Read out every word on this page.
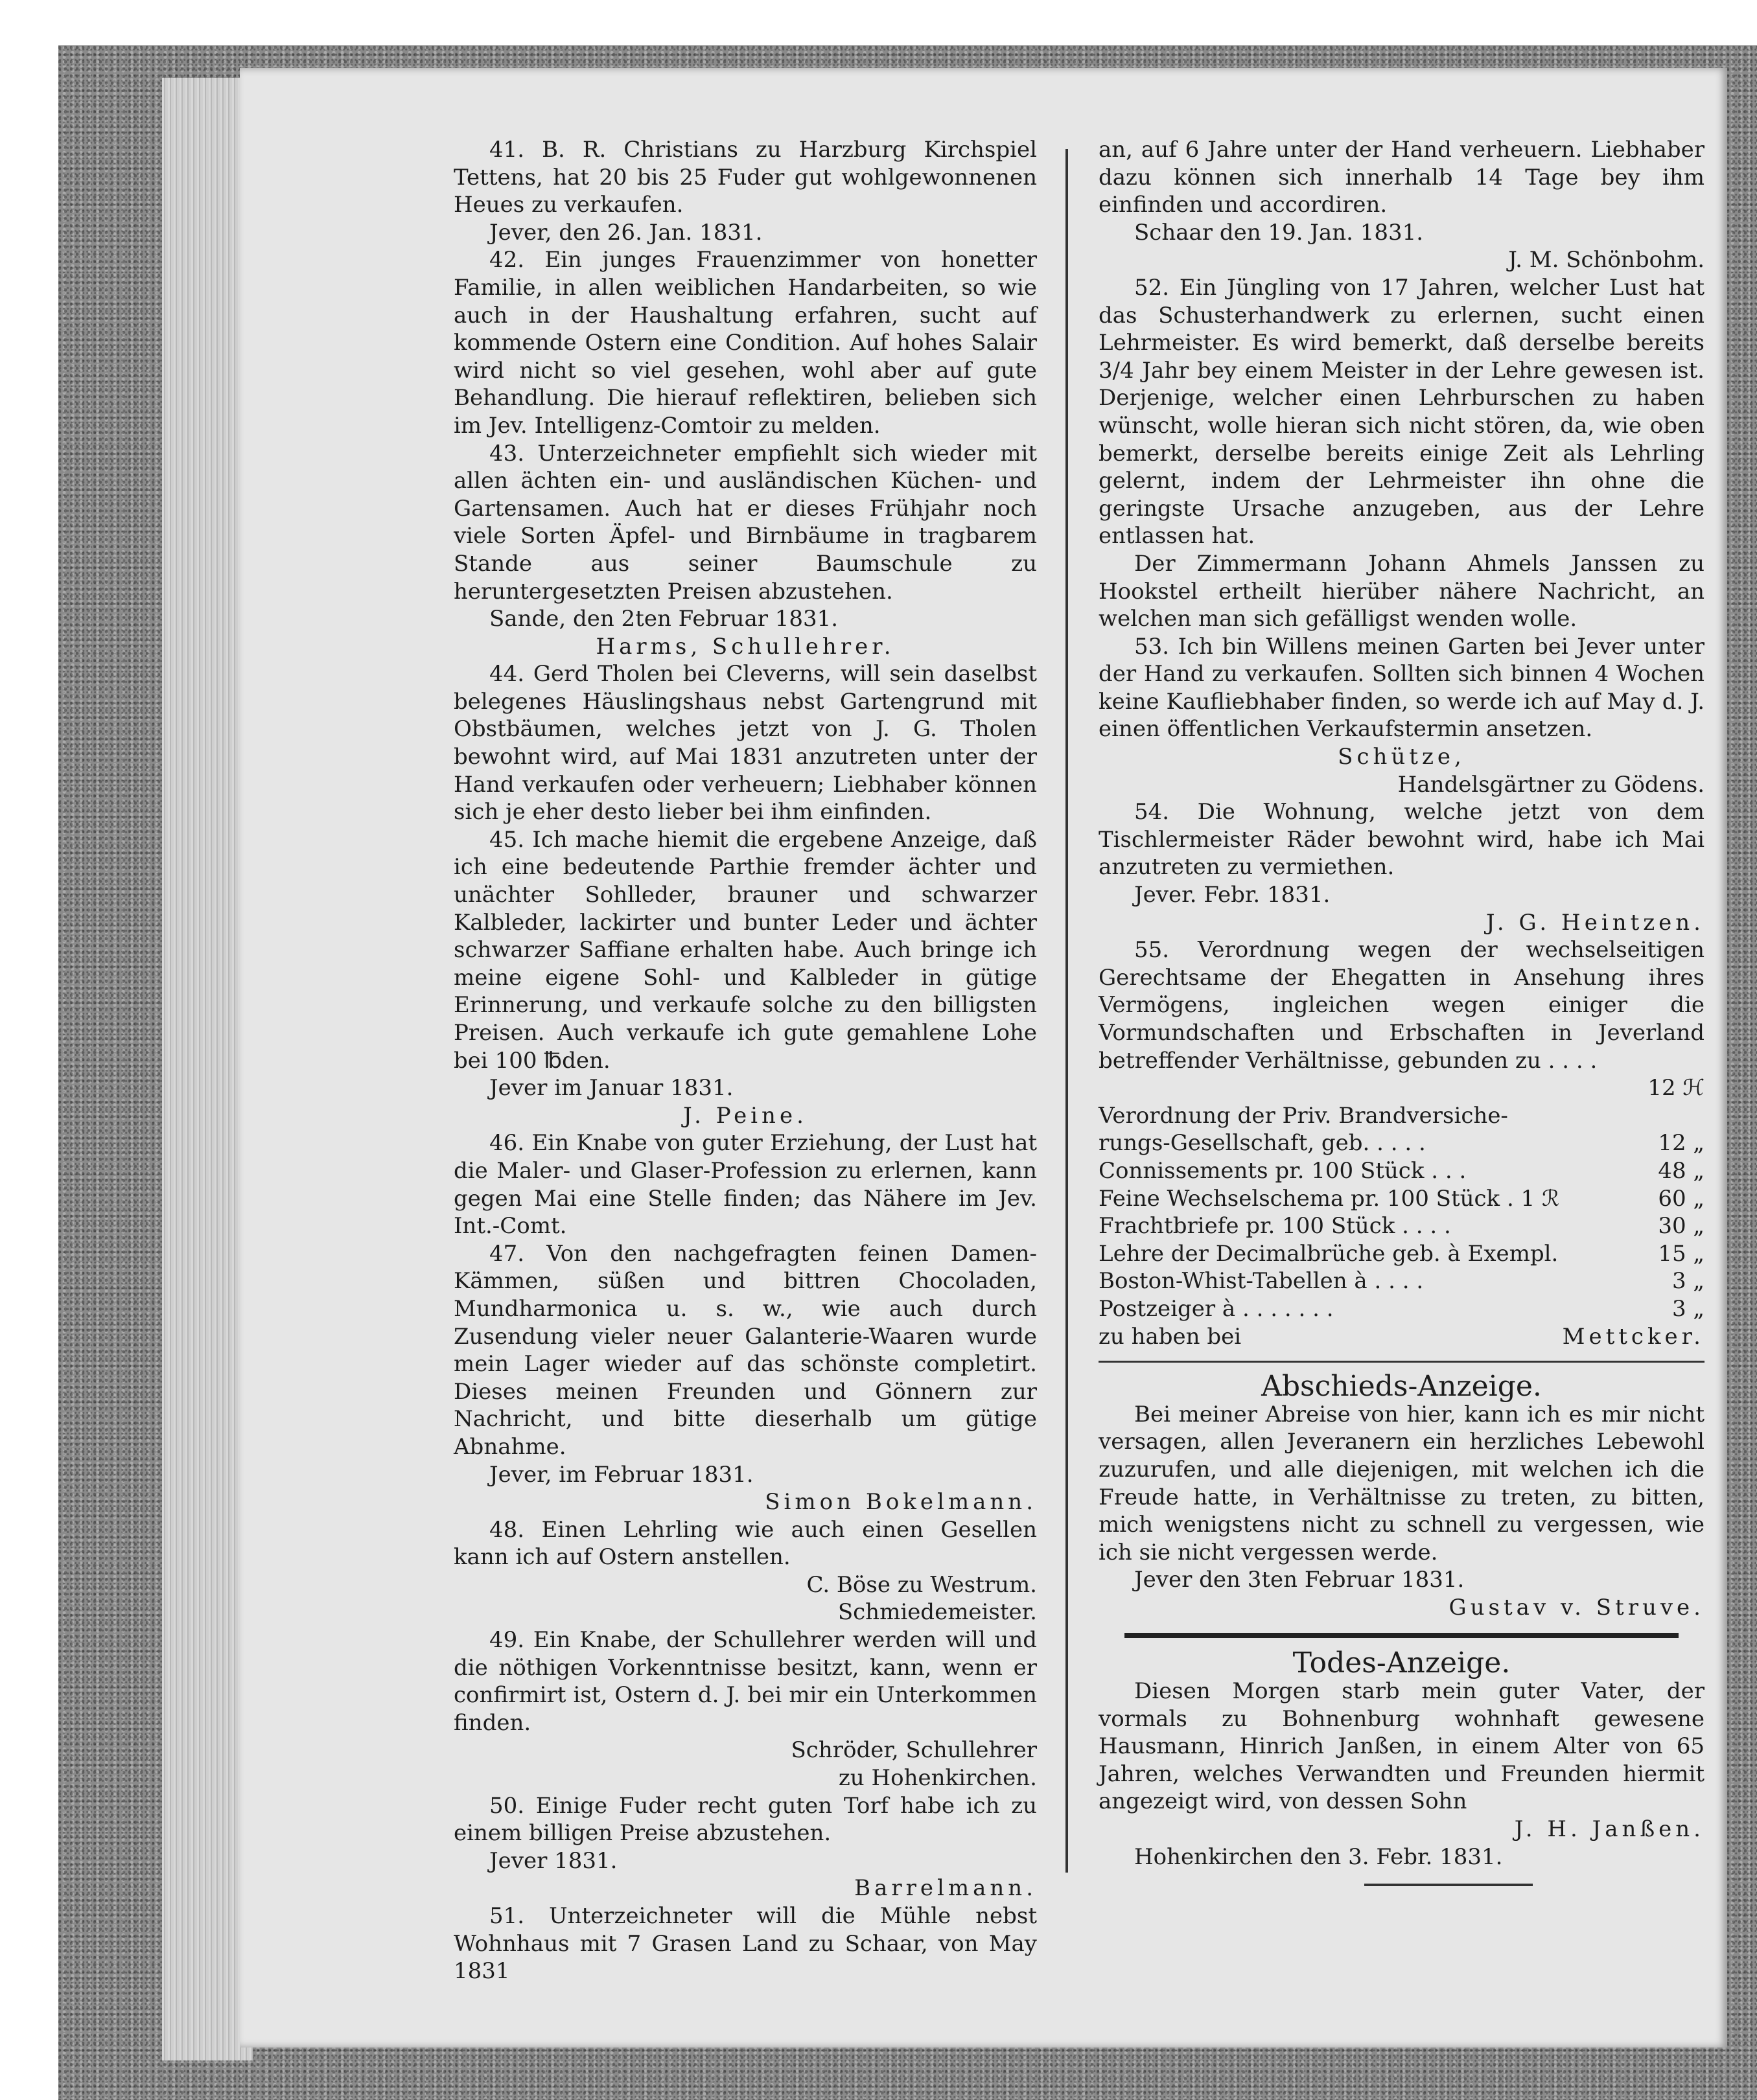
41. B. R. Christians zu Harzburg Kirchspiel Tettens, hat 20 bis 25 Fuder gut wohlgewonnenen Heues zu verkaufen.

Jever, den 26. Jan. 1831.

42. Ein junges Frauenzimmer von honetter Familie, in allen weiblichen Handarbeiten, so wie auch in der Haushaltung erfahren, sucht auf kommende Ostern eine Condition. Auf hohes Salair wird nicht so viel gesehen, wohl aber auf gute Behandlung. Die hierauf reflektiren, belieben sich im Jev. Intelligenz-Comtoir zu melden.

43. Unterzeichneter empfiehlt sich wieder mit allen ächten ein- und ausländischen Küchen- und Gartensamen. Auch hat er dieses Frühjahr noch viele Sorten Äpfel- und Birnbäume in tragbarem Stande aus seiner Baumschule zu heruntergesetzten Preisen abzustehen.

Sande, den 2ten Februar 1831.

Harms, Schullehrer.

44. Gerd Tholen bei Cleverns, will sein daselbst belegenes Häuslingshaus nebst Gartengrund mit Obstbäumen, welches jetzt von J. G. Tholen bewohnt wird, auf Mai 1831 anzutreten unter der Hand verkaufen oder verheuern; Liebhaber können sich je eher desto lieber bei ihm einfinden.

45. Ich mache hiemit die ergebene Anzeige, daß ich eine bedeutende Parthie fremder ächter und unächter Sohlleder, brauner und schwarzer Kalbleder, lackirter und bunter Leder und ächter schwarzer Saffiane erhalten habe. Auch bringe ich meine eigene Sohl- und Kalbleder in gütige Erinnerung, und verkaufe solche zu den billigsten Preisen. Auch verkaufe ich gute gemahlene Lohe bei 100 ℔den.

Jever im Januar 1831.

J. Peine.

46. Ein Knabe von guter Erziehung, der Lust hat die Maler- und Glaser-Profession zu erlernen, kann gegen Mai eine Stelle finden; das Nähere im Jev. Int.-Comt.

47. Von den nachgefragten feinen Damen-Kämmen, süßen und bittren Chocoladen, Mundharmonica u. s. w., wie auch durch Zusendung vieler neuer Galanterie-Waaren wurde mein Lager wieder auf das schönste completirt. Dieses meinen Freunden und Gönnern zur Nachricht, und bitte dieserhalb um gütige Abnahme.

Jever, im Februar 1831.

Simon Bokelmann.

48. Einen Lehrling wie auch einen Gesellen kann ich auf Ostern anstellen.

C. Böse zu Westrum.

Schmiedemeister.

49. Ein Knabe, der Schullehrer werden will und die nöthigen Vorkenntnisse besitzt, kann, wenn er confirmirt ist, Ostern d. J. bei mir ein Unterkommen finden.

Schröder, Schullehrer

zu Hohenkirchen.

50. Einige Fuder recht guten Torf habe ich zu einem billigen Preise abzustehen.

Jever 1831.

Barrelmann.

51. Unterzeichneter will die Mühle nebst Wohnhaus mit 7 Grasen Land zu Schaar, von May 1831

an, auf 6 Jahre unter der Hand verheuern. Liebhaber dazu können sich innerhalb 14 Tage bey ihm einfinden und accordiren.

Schaar den 19. Jan. 1831.

J. M. Schönbohm.

52. Ein Jüngling von 17 Jahren, welcher Lust hat das Schusterhandwerk zu erlernen, sucht einen Lehrmeister. Es wird bemerkt, daß derselbe bereits 3/4 Jahr bey einem Meister in der Lehre gewesen ist. Derjenige, welcher einen Lehrburschen zu haben wünscht, wolle hieran sich nicht stören, da, wie oben bemerkt, derselbe bereits einige Zeit als Lehrling gelernt, indem der Lehrmeister ihn ohne die geringste Ursache anzugeben, aus der Lehre entlassen hat.

Der Zimmermann Johann Ahmels Janssen zu Hookstel ertheilt hierüber nähere Nachricht, an welchen man sich gefälligst wenden wolle.

53. Ich bin Willens meinen Garten bei Jever unter der Hand zu verkaufen. Sollten sich binnen 4 Wochen keine Kaufliebhaber finden, so werde ich auf May d. J. einen öffentlichen Verkaufstermin ansetzen.

Schütze,

Handelsgärtner zu Gödens.

54. Die Wohnung, welche jetzt von dem Tischlermeister Räder bewohnt wird, habe ich Mai anzutreten zu vermiethen.

Jever. Febr. 1831.

J. G. Heintzen.

55. Verordnung wegen der wechselseitigen Gerechtsame der Ehegatten in Ansehung ihres Vermögens, ingleichen wegen einiger die Vormundschaften und Erbschaften in Jeverland betreffender Verhältnisse, gebunden zu . . . .

12 ℋ
Verordnung der Priv. Brandversiche-
rungs-Gesellschaft, geb. . . . .	12 „
Connissements pr. 100 Stück . . .	48 „
Feine Wechselschema pr. 100 Stück . 1 ℛ	60 „
Frachtbriefe pr. 100 Stück . . . .	30 „
Lehre der Decimalbrüche geb. à Exempl.	15 „
Boston-Whist-Tabellen à . . . .	3 „
Postzeiger à . . . . . . .	3 „
zu haben bei	Mettcker.

Abschieds-Anzeige.

Bei meiner Abreise von hier, kann ich es mir nicht versagen, allen Jeveranern ein herzliches Lebewohl zuzurufen, und alle diejenigen, mit welchen ich die Freude hatte, in Verhältnisse zu treten, zu bitten, mich wenigstens nicht zu schnell zu vergessen, wie ich sie nicht vergessen werde.

Jever den 3ten Februar 1831.

Gustav v. Struve.

Todes-Anzeige.

Diesen Morgen starb mein guter Vater, der vormals zu Bohnenburg wohnhaft gewesene Hausmann, Hinrich Janßen, in einem Alter von 65 Jahren, welches Verwandten und Freunden hiermit angezeigt wird, von dessen Sohn

J. H. Janßen.

Hohenkirchen den 3. Febr. 1831.
